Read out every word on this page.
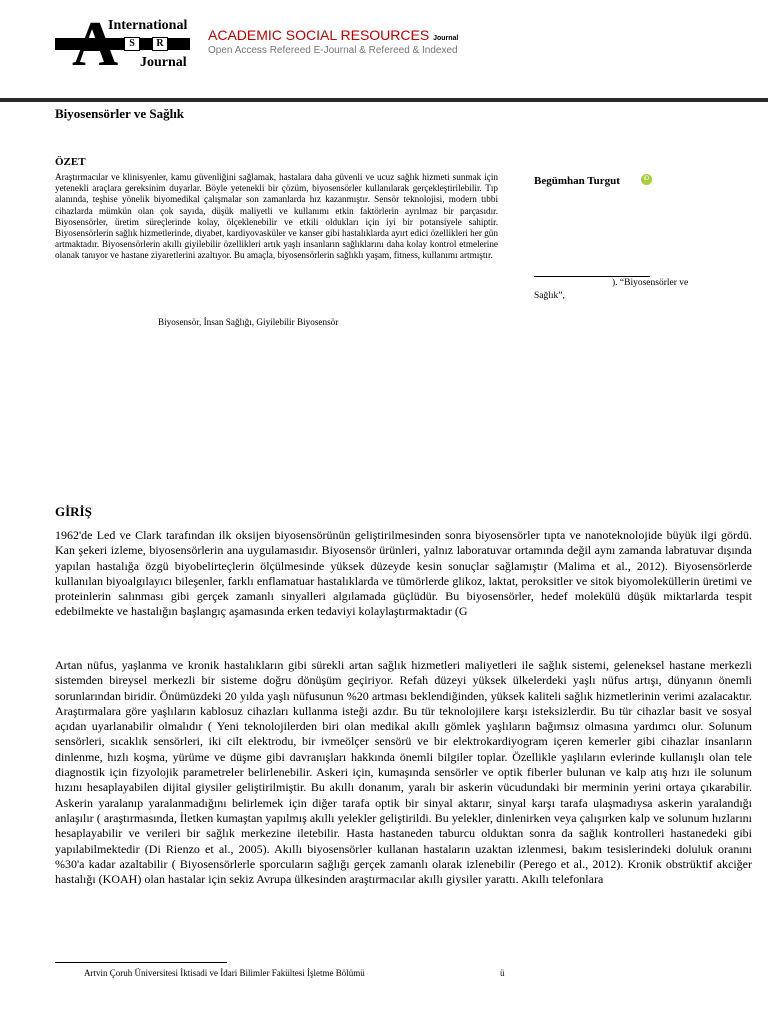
A
International
S	R
Journal
ACADEMIC SOCIAL RESOURCES Journal
Open Access Refereed E-Journal & Refereed & Indexed
Biyosensörler ve Sağlık
ÖZET
Araştırmacılar ve klinisyenler, kamu güvenliğini sağlamak, hastalara daha güvenli ve ucuz sağlık hizmeti sunmak için yetenekli araçlara gereksinim duyarlar. Böyle yetenekli bir çözüm, biyosensörler kullanılarak gerçekleştirilebilir. Tıp alanında, teşhise yönelik biyomedikal çalışmalar son zamanlarda hız kazanmıştır. Sensör teknolojisi, modern tıbbi cihazlarda mümkün olan çok sayıda, düşük maliyetli ve kullanımı etkin faktörlerin ayrılmaz bir parçasıdır. Biyosensörler, üretim süreçlerinde kolay, ölçeklenebilir ve etkili oldukları için iyi bir potansiyele sahiptir. Biyosensörlerin sağlık hizmetlerinde, diyabet, kardiyovasküler ve kanser gibi hastalıklarda ayırt edici özellikleri her gün artmaktadır. Biyosensörlerin akıllı giyilebilir özellikleri artık yaşlı insanların sağlıklarını daha kolay kontrol etmelerine olanak tanıyor ve hastane ziyaretlerini azaltıyor. Bu amaçla, biyosensörlerin sağlıklı yaşam, fitness, kullanımı artmıştır.
Biyosensör, İnsan Sağlığı, Giyilebilir Biyosensör
Begümhan Turgut	iD
). “Biyosensörler ve
Sağlık”,
GİRİŞ

1962'de Led ve Clark tarafından ilk oksijen biyosensörünün geliştirilmesinden sonra biyosensörler tıpta ve nanoteknolojide büyük ilgi gördü. Kan şekeri izleme, biyosensörlerin ana uygulamasıdır. Biyosensör ürünleri, yalnız laboratuvar ortamında değil aynı zamanda labratuvar dışında yapılan hastalığa özgü biyobelirteçlerin ölçülmesinde yüksek düzeyde kesin sonuçlar sağlamıştır (Malima et al., 2012). Biyosensörlerde kullanılan biyoalgılayıcı bileşenler, farklı enflamatuar hastalıklarda ve tümörlerde glikoz, laktat, peroksitler ve sitok biyomoleküllerin üretimi ve proteinlerin salınması gibi gerçek zamanlı sinyalleri algılamada güçlüdür. Bu biyosensörler, hedef molekülü düşük miktarlarda tespit edebilmekte ve hastalığın başlangıç aşamasında erken tedaviyi kolaylaştırmaktadır (G

Artan nüfus, yaşlanma ve kronik hastalıkların gibi sürekli artan sağlık hizmetleri maliyetleri ile sağlık sistemi, geleneksel hastane merkezli sistemden bireysel merkezli bir sisteme doğru dönüşüm geçiriyor. Refah düzeyi yüksek ülkelerdeki yaşlı nüfus artışı, dünyanın önemli sorunlarından biridir. Önümüzdeki 20 yılda yaşlı nüfusunun %20 artması beklendiğinden, yüksek kaliteli sağlık hizmetlerinin verimi azalacaktır. Araştırmalara göre yaşlıların kablosuz cihazları kullanma isteği azdır. Bu tür teknolojilere karşı isteksizlerdir. Bu tür cihazlar basit ve sosyal açıdan uyarlanabilir olmalıdır ( Yeni teknolojilerden biri olan medikal akıllı gömlek yaşlıların bağımsız olmasına yardımcı olur. Solunum sensörleri, sıcaklık sensörleri, iki cilt elektrodu, bir ivmeölçer sensörü ve bir elektrokardiyogram içeren kemerler gibi cihazlar insanların dinlenme, hızlı koşma, yürüme ve düşme gibi davranışları hakkında önemli bilgiler toplar. Özellikle yaşlıların evlerinde kullanışlı olan tele diagnostik için fizyolojik parametreler belirlenebilir. Askeri için, kumaşında sensörler ve optik fiberler bulunan ve kalp atış hızı ile solunum hızını hesaplayabilen dijital giysiler geliştirilmiştir. Bu akıllı donanım, yaralı bir askerin vücudundaki bir merminin yerini ortaya çıkarabilir. Askerin yaralanıp yaralanmadığını belirlemek için diğer tarafa optik bir sinyal aktarır, sinyal karşı tarafa ulaşmadıysa askerin yaralandığı anlaşılır ( araştırmasında, İletken kumaştan yapılmış akıllı yelekler geliştirildi. Bu yelekler, dinlenirken veya çalışırken kalp ve solunum hızlarını hesaplayabilir ve verileri bir sağlık merkezine iletebilir. Hasta hastaneden taburcu olduktan sonra da sağlık kontrolleri hastanedeki gibi yapılabilmektedir (Di Rienzo et al., 2005). Akıllı biyosensörler kullanan hastaların uzaktan izlenmesi, bakım tesislerindeki doluluk oranını %30'a kadar azaltabilir ( Biyosensörlerle sporcuların sağlığı gerçek zamanlı olarak izlenebilir (Perego et al., 2012). Kronik obstrüktif akciğer hastalığı (KOAH) olan hastalar için sekiz Avrupa ülkesinden araştırmacılar akıllı giysiler yarattı. Akıllı telefonlara

Artvin Çoruh Üniversitesi İktisadi ve İdari Bilimler Fakültesi İşletme Bölümü	ü
